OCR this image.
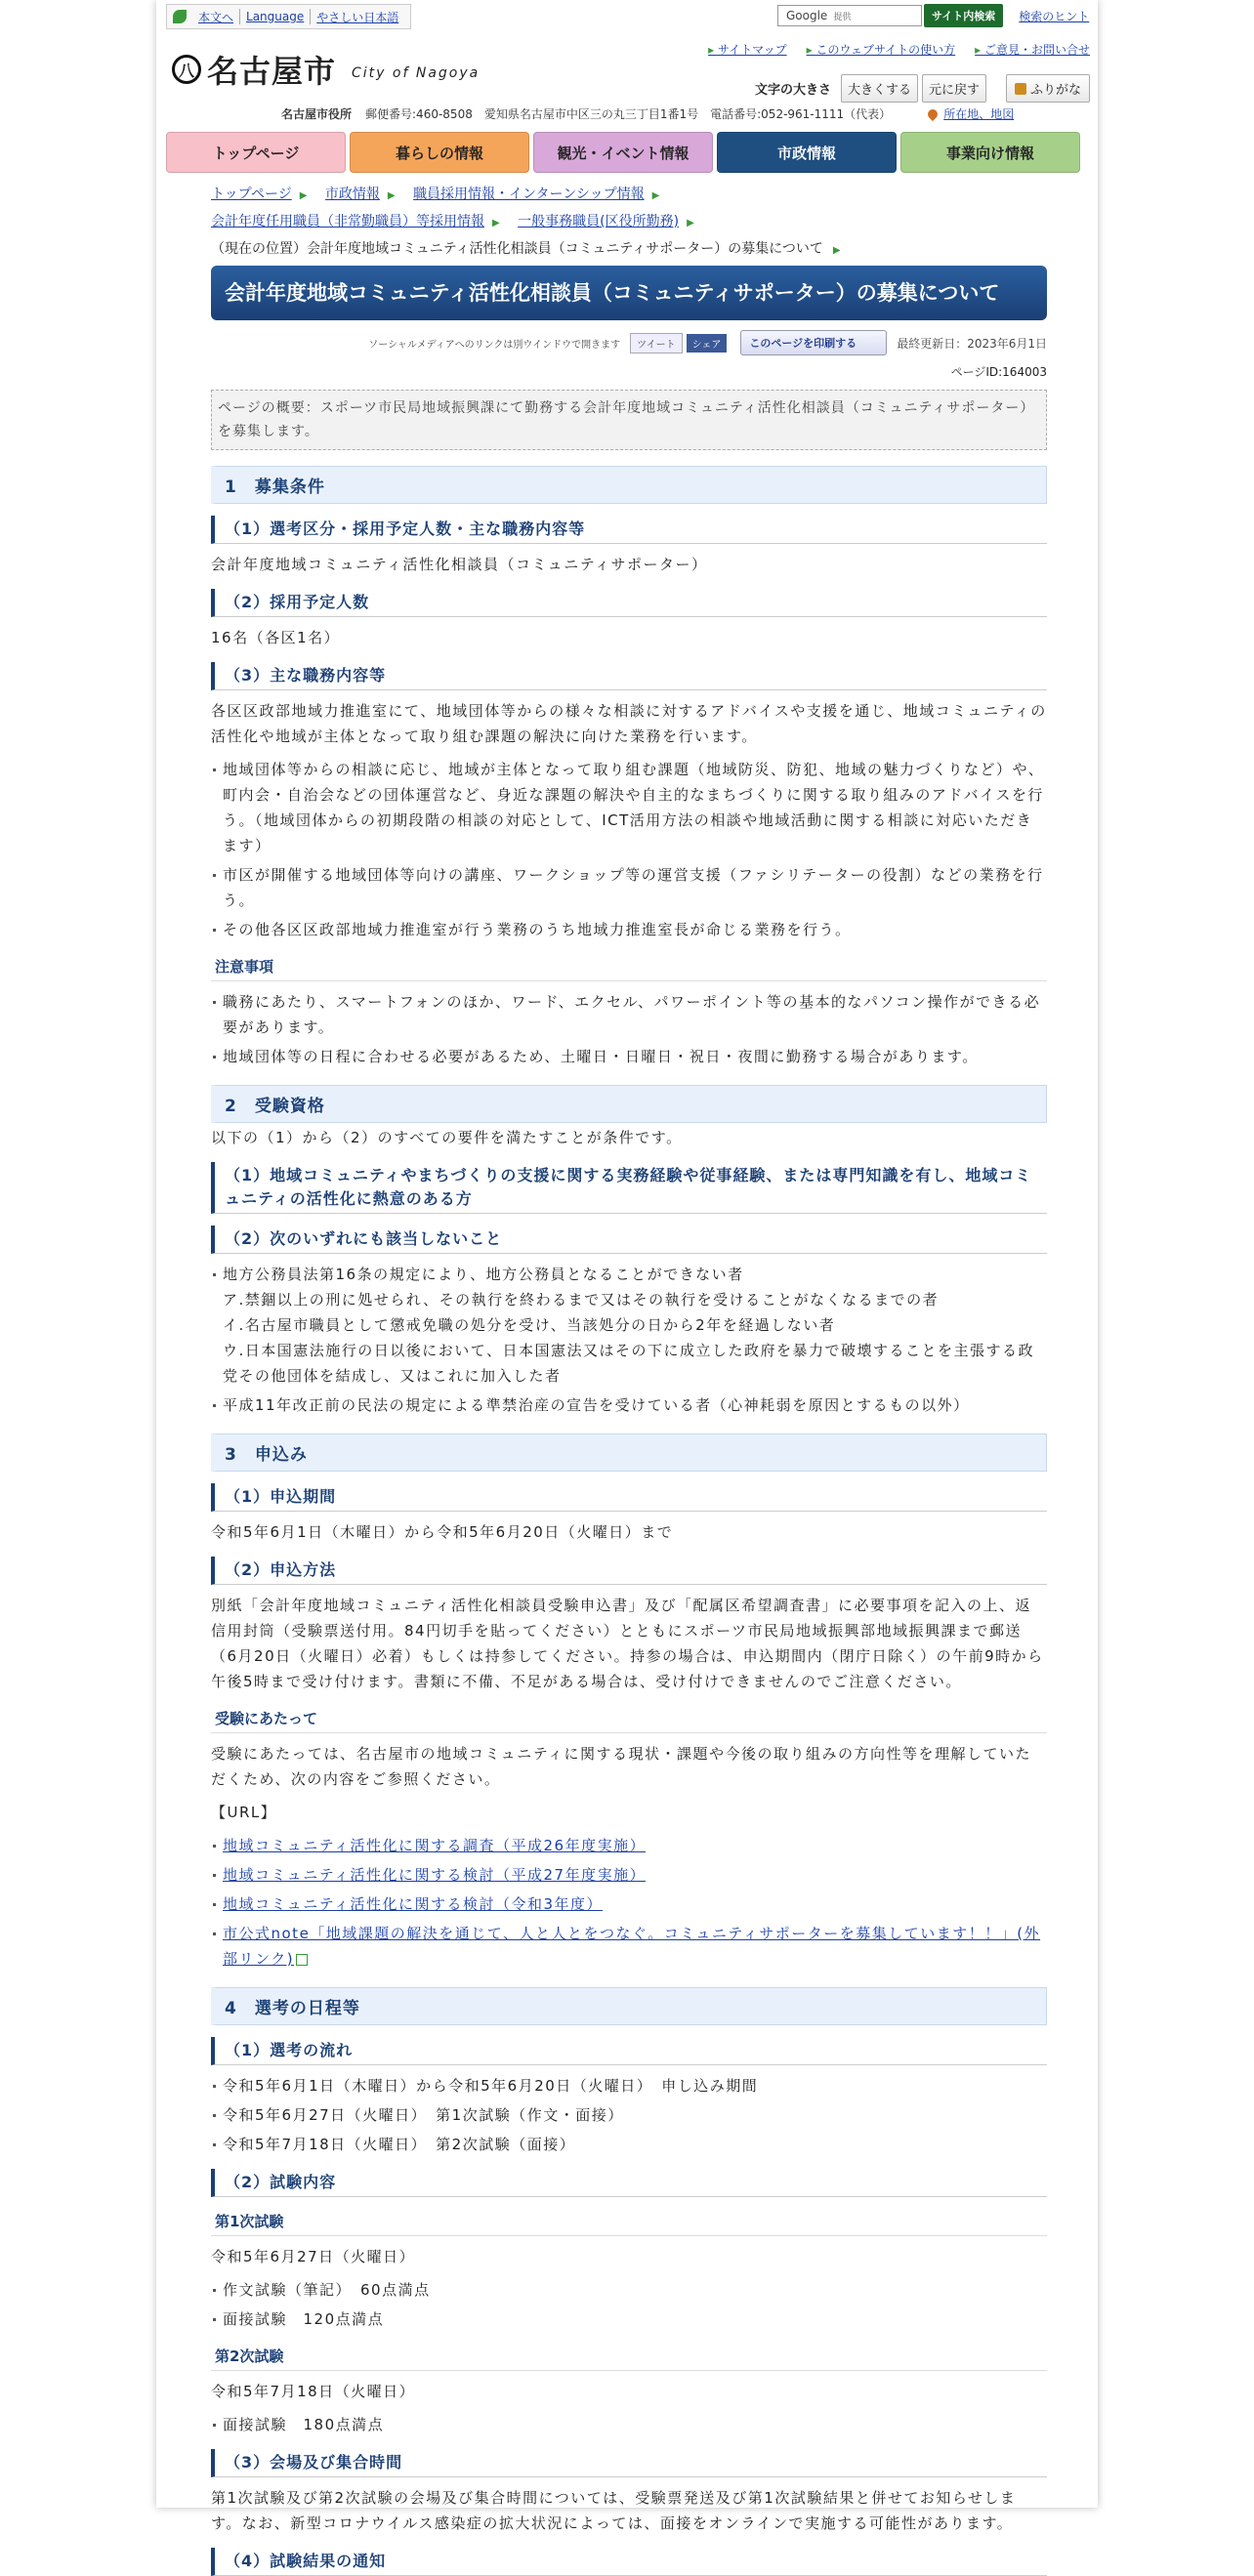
本文へ Language やさしい日本語	Google 提供	サイト内検索	検索のヒント
八 名古屋市 City of Nagoya
▸ サイトマップ	▸ このウェブサイトの使い方	▸ ご意見・お問い合せ
文字の大きさ	大きくする	元に戻す	ふりがな
名古屋市役所 郵便番号:460-8508 愛知県名古屋市中区三の丸三丁目1番1号 電話番号:052-961-1111（代表）	所在地、地図
トップページ	暮らしの情報	観光・イベント情報	市政情報	事業向け情報
トップページ ▶ 市政情報 ▶ 職員採用情報・インターンシップ情報 ▶
会計年度任用職員（非常勤職員）等採用情報 ▶ 一般事務職員(区役所勤務) ▶
（現在の位置）会計年度地域コミュニティ活性化相談員（コミュニティサポーター）の募集について ▶
会計年度地域コミュニティ活性化相談員（コミュニティサポーター）の募集について
ソーシャルメディアへのリンクは別ウインドウで開きます	ツイート	シェア	このページを印刷する	最終更新日：2023年6月1日
ページID:164003
ページの概要：スポーツ市民局地域振興課にて勤務する会計年度地域コミュニティ活性化相談員（コミュニティサポーター）を募集します。
1　募集条件
（1）選考区分・採用予定人数・主な職務内容等
会計年度地域コミュニティ活性化相談員（コミュニティサポーター）
（2）採用予定人数
16名（各区1名）
（3）主な職務内容等
各区区政部地域力推進室にて、地域団体等からの様々な相談に対するアドバイスや支援を通じ、地域コミュニティの活性化や地域が主体となって取り組む課題の解決に向けた業務を行います。
地域団体等からの相談に応じ、地域が主体となって取り組む課題（地域防災、防犯、地域の魅力づくりなど）や、町内会・自治会などの団体運営など、身近な課題の解決や自主的なまちづくりに関する取り組みのアドバイスを行う。（地域団体からの初期段階の相談の対応として、ICT活用方法の相談や地域活動に関する相談に対応いただきます）
市区が開催する地域団体等向けの講座、ワークショップ等の運営支援（ファシリテーターの役割）などの業務を行う。
その他各区区政部地域力推進室が行う業務のうち地域力推進室長が命じる業務を行う。
注意事項
職務にあたり、スマートフォンのほか、ワード、エクセル、パワーポイント等の基本的なパソコン操作ができる必要があります。
地域団体等の日程に合わせる必要があるため、土曜日・日曜日・祝日・夜間に勤務する場合があります。
2　受験資格
以下の（1）から（2）のすべての要件を満たすことが条件です。
（1）地域コミュニティやまちづくりの支援に関する実務経験や従事経験、または専門知識を有し、地域コミュニティの活性化に熱意のある方
（2）次のいずれにも該当しないこと
地方公務員法第16条の規定により、地方公務員となることができない者
ア.禁錮以上の刑に処せられ、その執行を終わるまで又はその執行を受けることがなくなるまでの者
イ.名古屋市職員として懲戒免職の処分を受け、当該処分の日から2年を経過しない者
ウ.日本国憲法施行の日以後において、日本国憲法又はその下に成立した政府を暴力で破壊することを主張する政党その他団体を結成し、又はこれに加入した者
平成11年改正前の民法の規定による準禁治産の宣告を受けている者（心神耗弱を原因とするもの以外）
3　申込み
（1）申込期間
令和5年6月1日（木曜日）から令和5年6月20日（火曜日）まで
（2）申込方法
別紙「会計年度地域コミュニティ活性化相談員受験申込書」及び「配属区希望調査書」に必要事項を記入の上、返信用封筒（受験票送付用。84円切手を貼ってください）とともにスポーツ市民局地域振興部地域振興課まで郵送（6月20日（火曜日）必着）もしくは持参してください。持参の場合は、申込期間内（閉庁日除く）の午前9時から午後5時まで受け付けます。書類に不備、不足がある場合は、受け付けできませんのでご注意ください。
受験にあたって
受験にあたっては、名古屋市の地域コミュニティに関する現状・課題や今後の取り組みの方向性等を理解していただくため、次の内容をご参照ください。
【URL】
地域コミュニティ活性化に関する調査（平成26年度実施）
地域コミュニティ活性化に関する検討（平成27年度実施）
地域コミュニティ活性化に関する検討（令和3年度）
市公式note「地域課題の解決を通じて、人と人とをつなぐ。コミュニティサポーターを募集しています！！」(外部リンク)
4　選考の日程等
（1）選考の流れ
令和5年6月1日（木曜日）から令和5年6月20日（火曜日）　申し込み期間
令和5年6月27日（火曜日）　第1次試験（作文・面接）
令和5年7月18日（火曜日）　第2次試験（面接）
（2）試験内容
第1次試験
令和5年6月27日（火曜日）
作文試験（筆記）　60点満点
面接試験　120点満点
第2次試験
令和5年7月18日（火曜日）
面接試験　180点満点
（3）会場及び集合時間
第1次試験及び第2次試験の会場及び集合時間については、受験票発送及び第1次試験結果と併せてお知らせします。なお、新型コロナウイルス感染症の拡大状況によっては、面接をオンラインで実施する可能性があります。
（4）試験結果の通知
